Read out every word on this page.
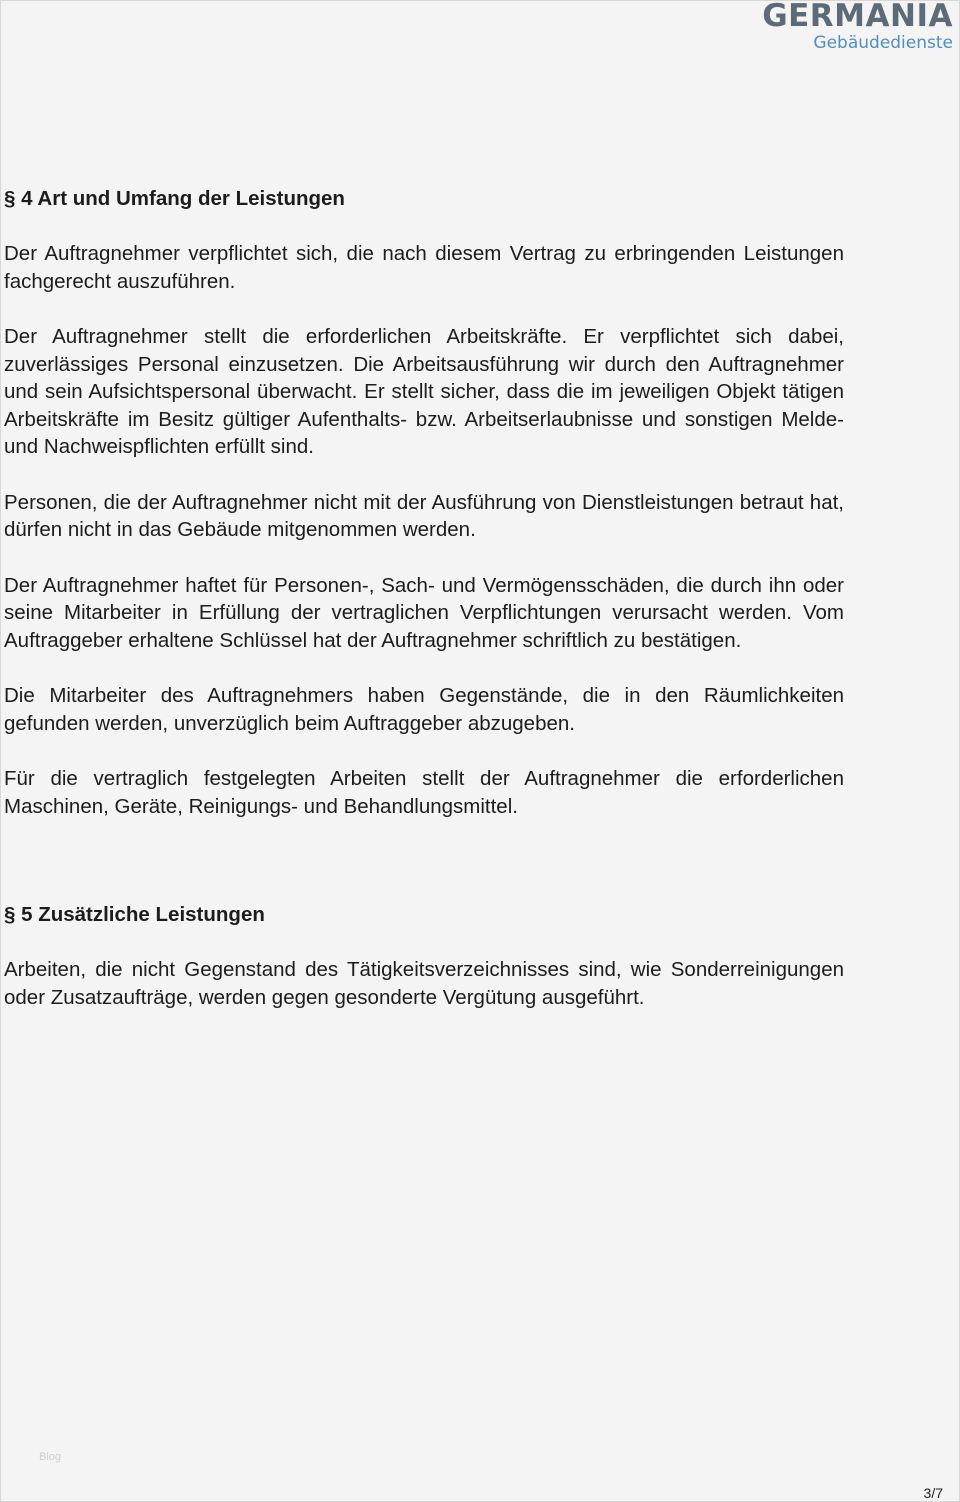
GERMANIA
Gebäudedienste
§ 4 Art und Umfang der Leistungen

Der Auftragnehmer verpflichtet sich, die nach diesem Vertrag zu erbringenden Leistungen fachgerecht auszuführen.

Der Auftragnehmer stellt die erforderlichen Arbeitskräfte. Er verpflichtet sich dabei, zuverlässiges Personal einzusetzen. Die Arbeitsausführung wir durch den Auftragnehmer und sein Aufsichtspersonal überwacht. Er stellt sicher, dass die im jeweiligen Objekt tätigen Arbeitskräfte im Besitz gültiger Aufenthalts- bzw. Arbeitserlaubnisse und sonstigen Melde- und Nachweispflichten erfüllt sind.

Personen, die der Auftragnehmer nicht mit der Ausführung von Dienstleistungen betraut hat, dürfen nicht in das Gebäude mitgenommen werden.

Der Auftragnehmer haftet für Personen-, Sach- und Vermögensschäden, die durch ihn oder seine Mitarbeiter in Erfüllung der vertraglichen Verpflichtungen verursacht werden. Vom Auftraggeber erhaltene Schlüssel hat der Auftragnehmer schriftlich zu bestätigen.

Die Mitarbeiter des Auftragnehmers haben Gegenstände, die in den Räumlichkeiten gefunden werden, unverzüglich beim Auftraggeber abzugeben.

Für die vertraglich festgelegten Arbeiten stellt der Auftragnehmer die erforderlichen Maschinen, Geräte, Reinigungs- und Behandlungsmittel.

§ 5 Zusätzliche Leistungen

Arbeiten, die nicht Gegenstand des Tätigkeitsverzeichnisses sind, wie Sonderreinigungen oder Zusatzaufträge, werden gegen gesonderte Vergütung ausgeführt.

Blog
3/7
